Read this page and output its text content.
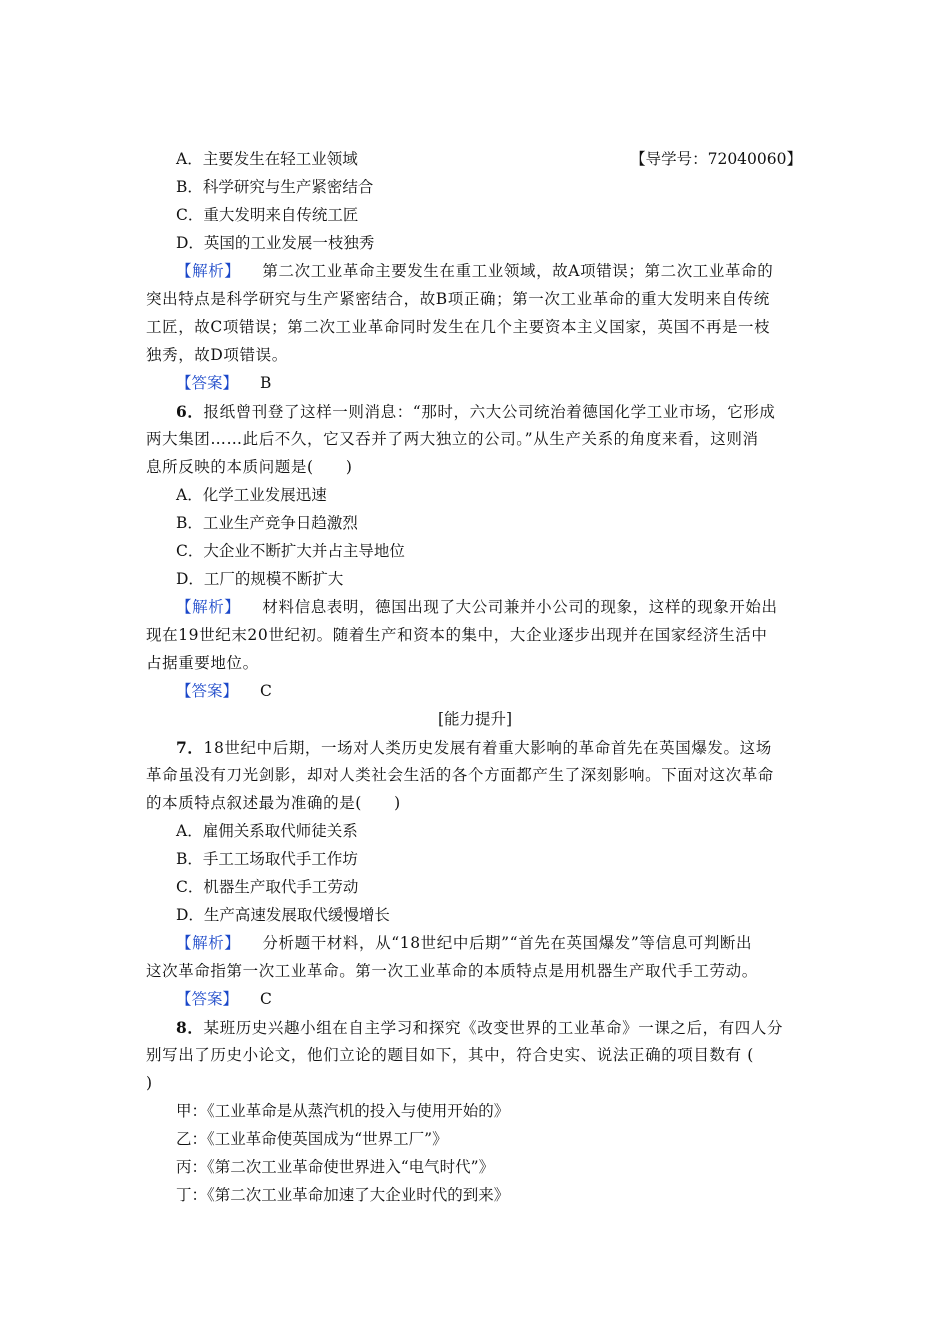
【导学号：72040060】
A．主要发生在轻工业领域
B．科学研究与生产紧密结合
C．重大发明来自传统工匠
D．英国的工业发展一枝独秀
【解析】 第二次工业革命主要发生在重工业领域，故A项错误；第二次工业革命的
突出特点是科学研究与生产紧密结合，故B项正确；第一次工业革命的重大发明来自传统
工匠，故C项错误；第二次工业革命同时发生在几个主要资本主义国家，英国不再是一枝
独秀，故D项错误。
【答案】 B
6．报纸曾刊登了这样一则消息：“那时，六大公司统治着德国化学工业市场，它形成
两大集团……此后不久，它又吞并了两大独立的公司。”从生产关系的角度来看，这则消
息所反映的本质问题是(　　)
A．化学工业发展迅速
B．工业生产竞争日趋激烈
C．大企业不断扩大并占主导地位
D．工厂的规模不断扩大
【解析】 材料信息表明，德国出现了大公司兼并小公司的现象，这样的现象开始出
现在19世纪末20世纪初。随着生产和资本的集中，大企业逐步出现并在国家经济生活中
占据重要地位。
【答案】 C
[能力提升]
7．18世纪中后期，一场对人类历史发展有着重大影响的革命首先在英国爆发。这场
革命虽没有刀光剑影，却对人类社会生活的各个方面都产生了深刻影响。下面对这次革命
的本质特点叙述最为准确的是(　　)
A．雇佣关系取代师徒关系
B．手工工场取代手工作坊
C．机器生产取代手工劳动
D．生产高速发展取代缓慢增长
【解析】 分析题干材料，从“18世纪中后期”“首先在英国爆发”等信息可判断出
这次革命指第一次工业革命。第一次工业革命的本质特点是用机器生产取代手工劳动。
【答案】 C
8．某班历史兴趣小组在自主学习和探究《改变世界的工业革命》一课之后，有四人分
别写出了历史小论文，他们立论的题目如下，其中，符合史实、说法正确的项目数有 (
)
甲：《工业革命是从蒸汽机的投入与使用开始的》
乙：《工业革命使英国成为“世界工厂”》
丙：《第二次工业革命使世界进入“电气时代”》
丁：《第二次工业革命加速了大企业时代的到来》
